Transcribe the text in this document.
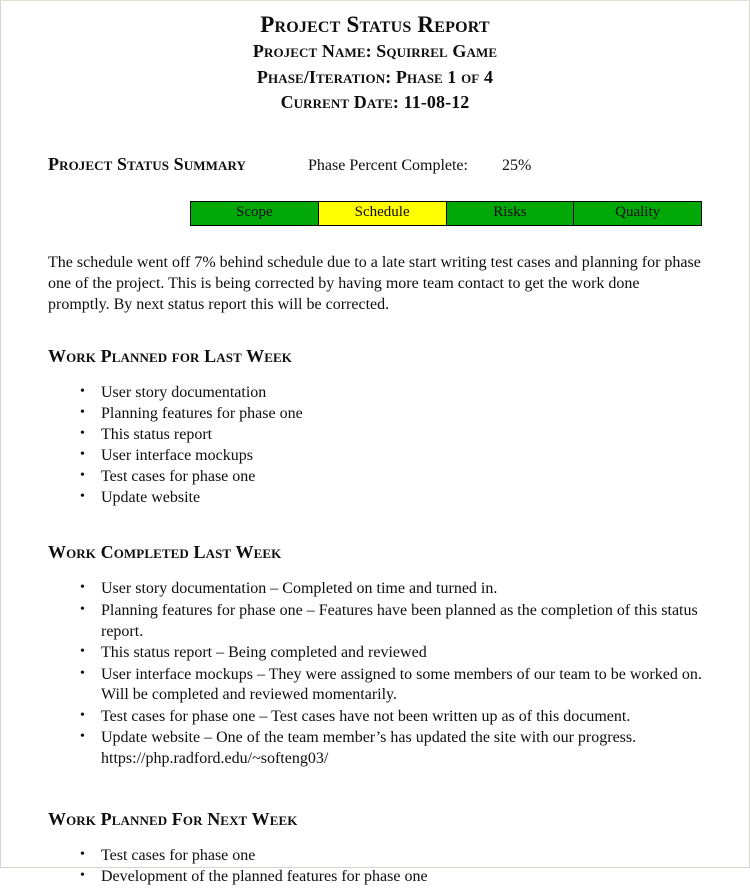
Project Status Report
Project Name: Squirrel Game
Phase/Iteration: Phase 1 of 4
Current Date: 11-08-12
Project Status Summary	Phase Percent Complete: 25%
Scope	Schedule	Risks	Quality

The schedule went off 7% behind schedule due to a late start writing test cases and planning for phase one of the project. This is being corrected by having more team contact to get the work done promptly. By next status report this will be corrected.

Work Planned for Last Week
• User story documentation
• Planning features for phase one
• This status report
• User interface mockups
• Test cases for phase one
• Update website
Work Completed Last Week
• User story documentation – Completed on time and turned in.
• Planning features for phase one – Features have been planned as the completion of this status report.
• This status report – Being completed and reviewed
• User interface mockups – They were assigned to some members of our team to be worked on. Will be completed and reviewed momentarily.
• Test cases for phase one – Test cases have not been written up as of this document.
• Update website – One of the team member’s has updated the site with our progress.
https://php.radford.edu/~softeng03/
Work Planned For Next Week
• Test cases for phase one
• Development of the planned features for phase one
